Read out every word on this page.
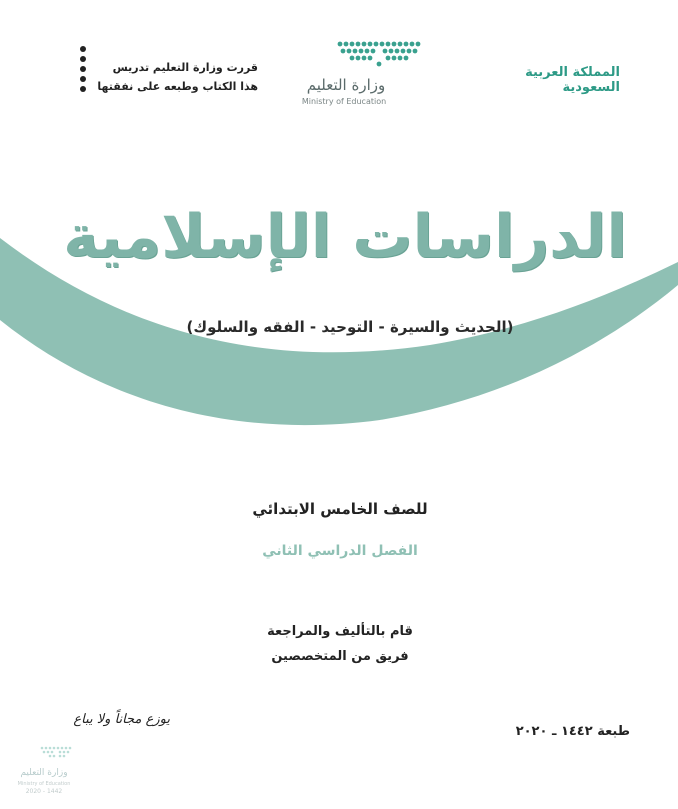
المملكة العربية السعودية
وزارة التعليم
Ministry of Education
قررت وزارة التعليم تدريس
هذا الكتاب وطبعه على نفقتها
الدراسات الإسلامية
(الحديث والسيرة - التوحيد - الفقه والسلوك)
للصف الخامس الابتدائي
الفصل الدراسي الثاني
قام بالتأليف والمراجعة
فريق من المتخصصين
طبعة ١٤٤٢ ـ ٢٠٢٠
يوزع مجاناً ولا يباع
وزارة التعليم
Ministry of Education
2020 - 1442
